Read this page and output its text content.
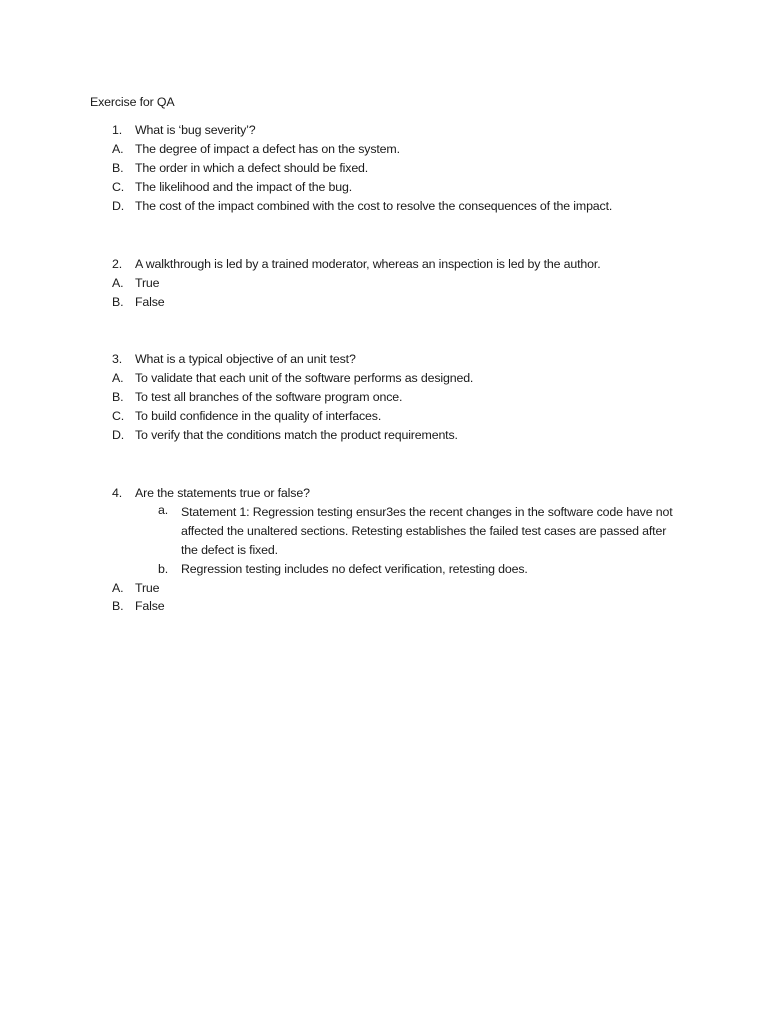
Exercise for QA
1. What is ‘bug severity’?
A. The degree of impact a defect has on the system.
B. The order in which a defect should be fixed.
C. The likelihood and the impact of the bug.
D. The cost of the impact combined with the cost to resolve the consequences of the impact.
2. A walkthrough is led by a trained moderator, whereas an inspection is led by the author.
A. True
B. False
3. What is a typical objective of an unit test?
A. To validate that each unit of the software performs as designed.
B. To test all branches of the software program once.
C. To build confidence in the quality of interfaces.
D. To verify that the conditions match the product requirements.
4. Are the statements true or false?
a. Statement 1: Regression testing ensur3es the recent changes in the software code have not affected the unaltered sections. Retesting establishes the failed test cases are passed after the defect is fixed.
b. Regression testing includes no defect verification, retesting does.
A. True
B. False
